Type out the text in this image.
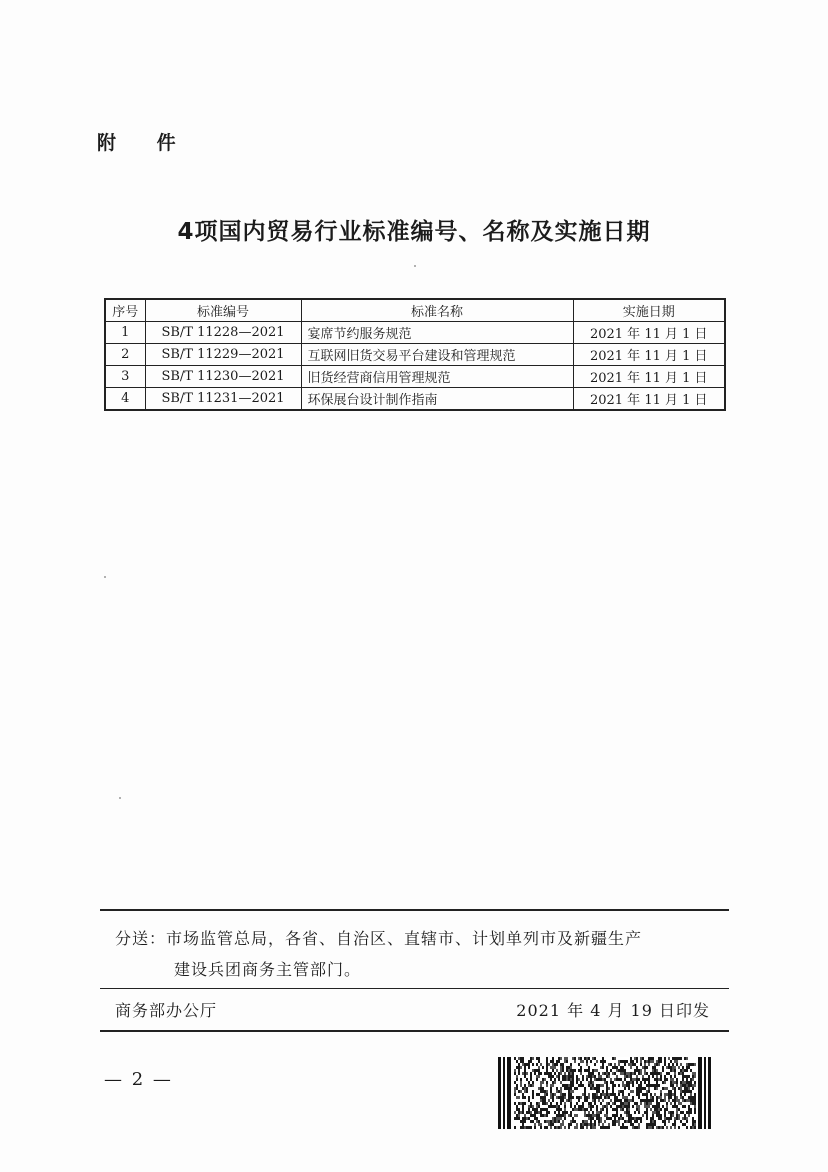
附 件
4项国内贸易行业标准编号、名称及实施日期
序号	标准编号	标准名称	实施日期
1	SB/T 11228—2021	宴席节约服务规范	2021 年 11 月 1 日
2	SB/T 11229—2021	互联网旧货交易平台建设和管理规范	2021 年 11 月 1 日
3	SB/T 11230—2021	旧货经营商信用管理规范	2021 年 11 月 1 日
4	SB/T 11231—2021	环保展台设计制作指南	2021 年 11 月 1 日
分送：市场监管总局，各省、自治区、直辖市、计划单列市及新疆生产
建设兵团商务主管部门。
商务部办公厅	2021 年 4 月 19 日印发
— 2 —
